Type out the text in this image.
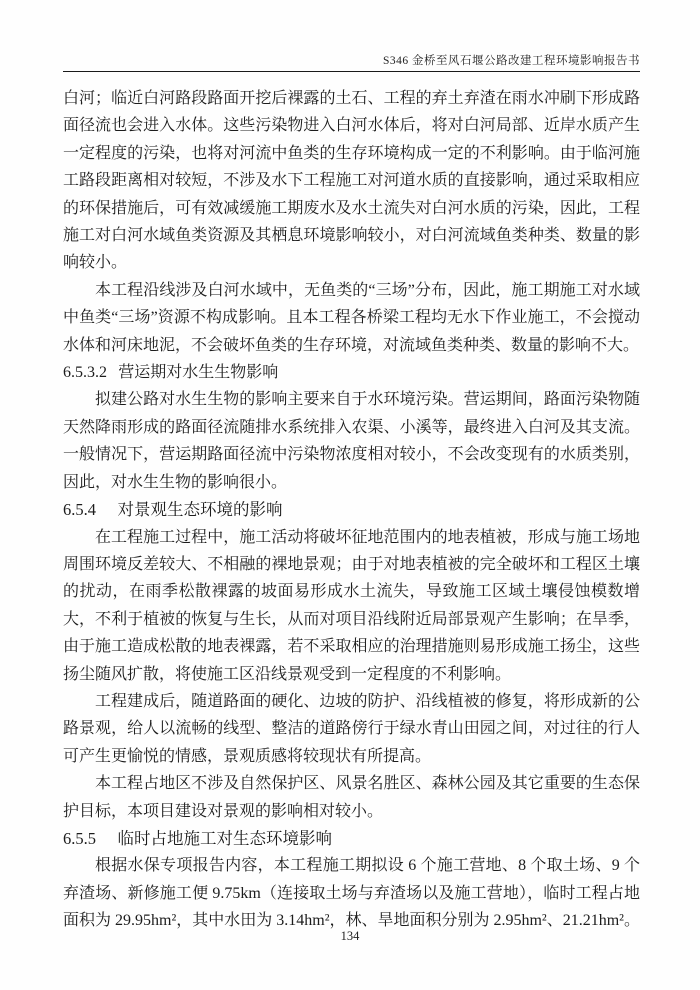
S346 金桥至风石堰公路改建工程环境影响报告书

白河；临近白河路段路面开挖后裸露的土石、工程的弃土弃渣在雨水冲刷下形成路面径流也会进入水体。这些污染物进入白河水体后，将对白河局部、近岸水质产生一定程度的污染，也将对河流中鱼类的生存环境构成一定的不利影响。由于临河施工路段距离相对较短，不涉及水下工程施工对河道水质的直接影响，通过采取相应的环保措施后，可有效减缓施工期废水及水土流失对白河水质的污染，因此，工程施工对白河水域鱼类资源及其栖息环境影响较小，对白河流域鱼类种类、数量的影响较小。

本工程沿线涉及白河水域中，无鱼类的“三场”分布，因此，施工期施工对水域中鱼类“三场”资源不构成影响。且本工程各桥梁工程均无水下作业施工，不会搅动水体和河床地泥，不会破坏鱼类的生存环境，对流域鱼类种类、数量的影响不大。

6.5.3.2 营运期对水生生物影响

拟建公路对水生生物的影响主要来自于水环境污染。营运期间，路面污染物随天然降雨形成的路面径流随排水系统排入农渠、小溪等，最终进入白河及其支流。一般情况下，营运期路面径流中污染物浓度相对较小，不会改变现有的水质类别，因此，对水生生物的影响很小。

6.5.4 对景观生态环境的影响

在工程施工过程中，施工活动将破坏征地范围内的地表植被，形成与施工场地周围环境反差较大、不相融的裸地景观；由于对地表植被的完全破坏和工程区土壤的扰动，在雨季松散裸露的坡面易形成水土流失，导致施工区域土壤侵蚀模数增大，不利于植被的恢复与生长，从而对项目沿线附近局部景观产生影响；在旱季，由于施工造成松散的地表裸露，若不采取相应的治理措施则易形成施工扬尘，这些扬尘随风扩散，将使施工区沿线景观受到一定程度的不利影响。

工程建成后，随道路面的硬化、边坡的防护、沿线植被的修复，将形成新的公路景观，给人以流畅的线型、整洁的道路傍行于绿水青山田园之间，对过往的行人可产生更愉悦的情感，景观质感将较现状有所提高。

本工程占地区不涉及自然保护区、风景名胜区、森林公园及其它重要的生态保护目标，本项目建设对景观的影响相对较小。

6.5.5 临时占地施工对生态环境影响

根据水保专项报告内容，本工程施工期拟设 6 个施工营地、8 个取土场、9 个弃渣场、新修施工便 9.75km（连接取土场与弃渣场以及施工营地），临时工程占地面积为 29.95hm²，其中水田为 3.14hm²，林、旱地面积分别为 2.95hm²、21.21hm²。

134
